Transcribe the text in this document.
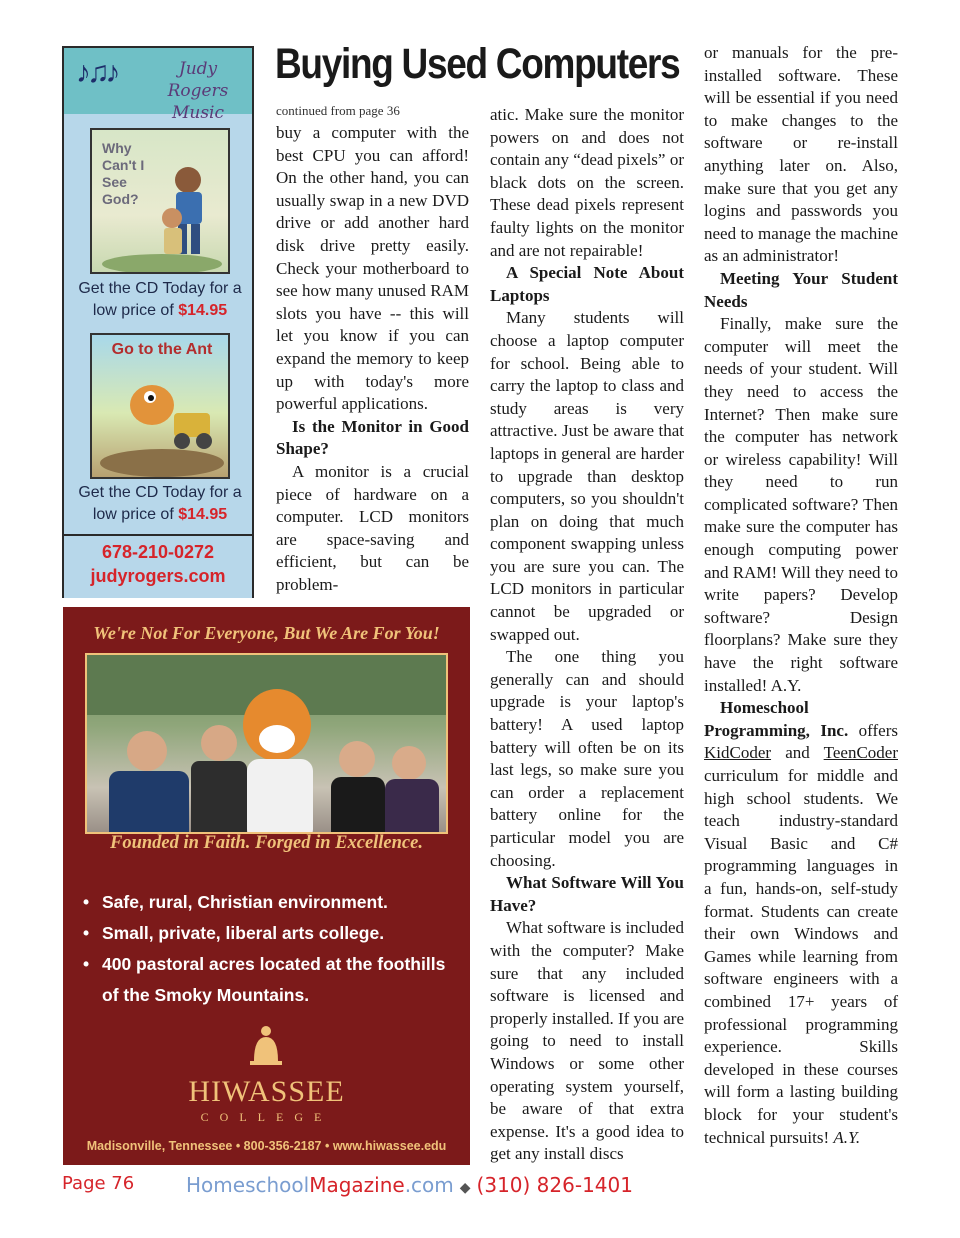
♪♫♪	Judy Rogers
Music
Why Can't I See God?
Get the CD Today for a low price of $14.95
Go to the Ant
Get the CD Today for a low price of $14.95
678-210-0272
judyrogers.com
We're Not For Everyone, But We Are For You!
Founded in Faith. Forged in Excellence.
• Safe, rural, Christian environment.
• Small, private, liberal arts college.
• 400 pastoral acres located at the foothills of the Smoky Mountains.
HIWASSEE
COLLEGE
Madisonville, Tennessee • 800-356-2187 • www.hiwassee.edu
Buying Used Computers
continued from page 36

buy a computer with the best CPU you can afford! On the other hand, you can usually swap in a new DVD drive or add another hard disk drive pretty easily. Check your motherboard to see how many unused RAM slots you have -- this will let you know if you can expand the memory to keep up with today's more powerful applications.

Is the Monitor in Good Shape?

A monitor is a crucial piece of hardware on a computer. LCD monitors are space-saving and efficient, but can be problem-

atic. Make sure the monitor powers on and does not contain any “dead pixels” or black dots on the screen. These dead pixels represent faulty lights on the monitor and are not repairable!

A Special Note About Laptops

Many students will choose a laptop computer for school. Being able to carry the laptop to class and study areas is very attractive. Just be aware that laptops in general are harder to upgrade than desktop computers, so you shouldn't plan on doing that much component swapping unless you are sure you can. The LCD monitors in particular cannot be upgraded or swapped out.

The one thing you generally can and should upgrade is your laptop's battery! A used laptop battery will often be on its last legs, so make sure you can order a replacement battery online for the particular model you are choosing.

What Software Will You Have?

What software is included with the computer? Make sure that any included software is licensed and properly installed. If you are going to need to install Windows or some other operating system yourself, be aware of that extra expense. It's a good idea to get any install discs

or manuals for the pre-installed software. These will be essential if you need to make changes to the software or re-install anything later on. Also, make sure that you get any logins and passwords you need to manage the machine as an administrator!

Meeting Your Student Needs

Finally, make sure the computer will meet the needs of your student. Will they need to access the Internet? Then make sure the computer has network or wireless capability! Will they need to run complicated software? Then make sure the computer has enough computing power and RAM! Will they need to write papers? Develop software? Design floorplans? Make sure they have the right software installed! A.Y.

Homeschool Programming, Inc. offers KidCoder and TeenCoder curriculum for middle and high school students. We teach industry-standard Visual Basic and C# programming languages in a fun, hands-on, self-study format. Students can create their own Windows and Games while learning from software engineers with a combined 17+ years of professional programming experience. Skills developed in these courses will form a lasting building block for your student's technical pursuits! A.Y.

Page 76	HomeschoolMagazine.com ◆ (310) 826-1401
